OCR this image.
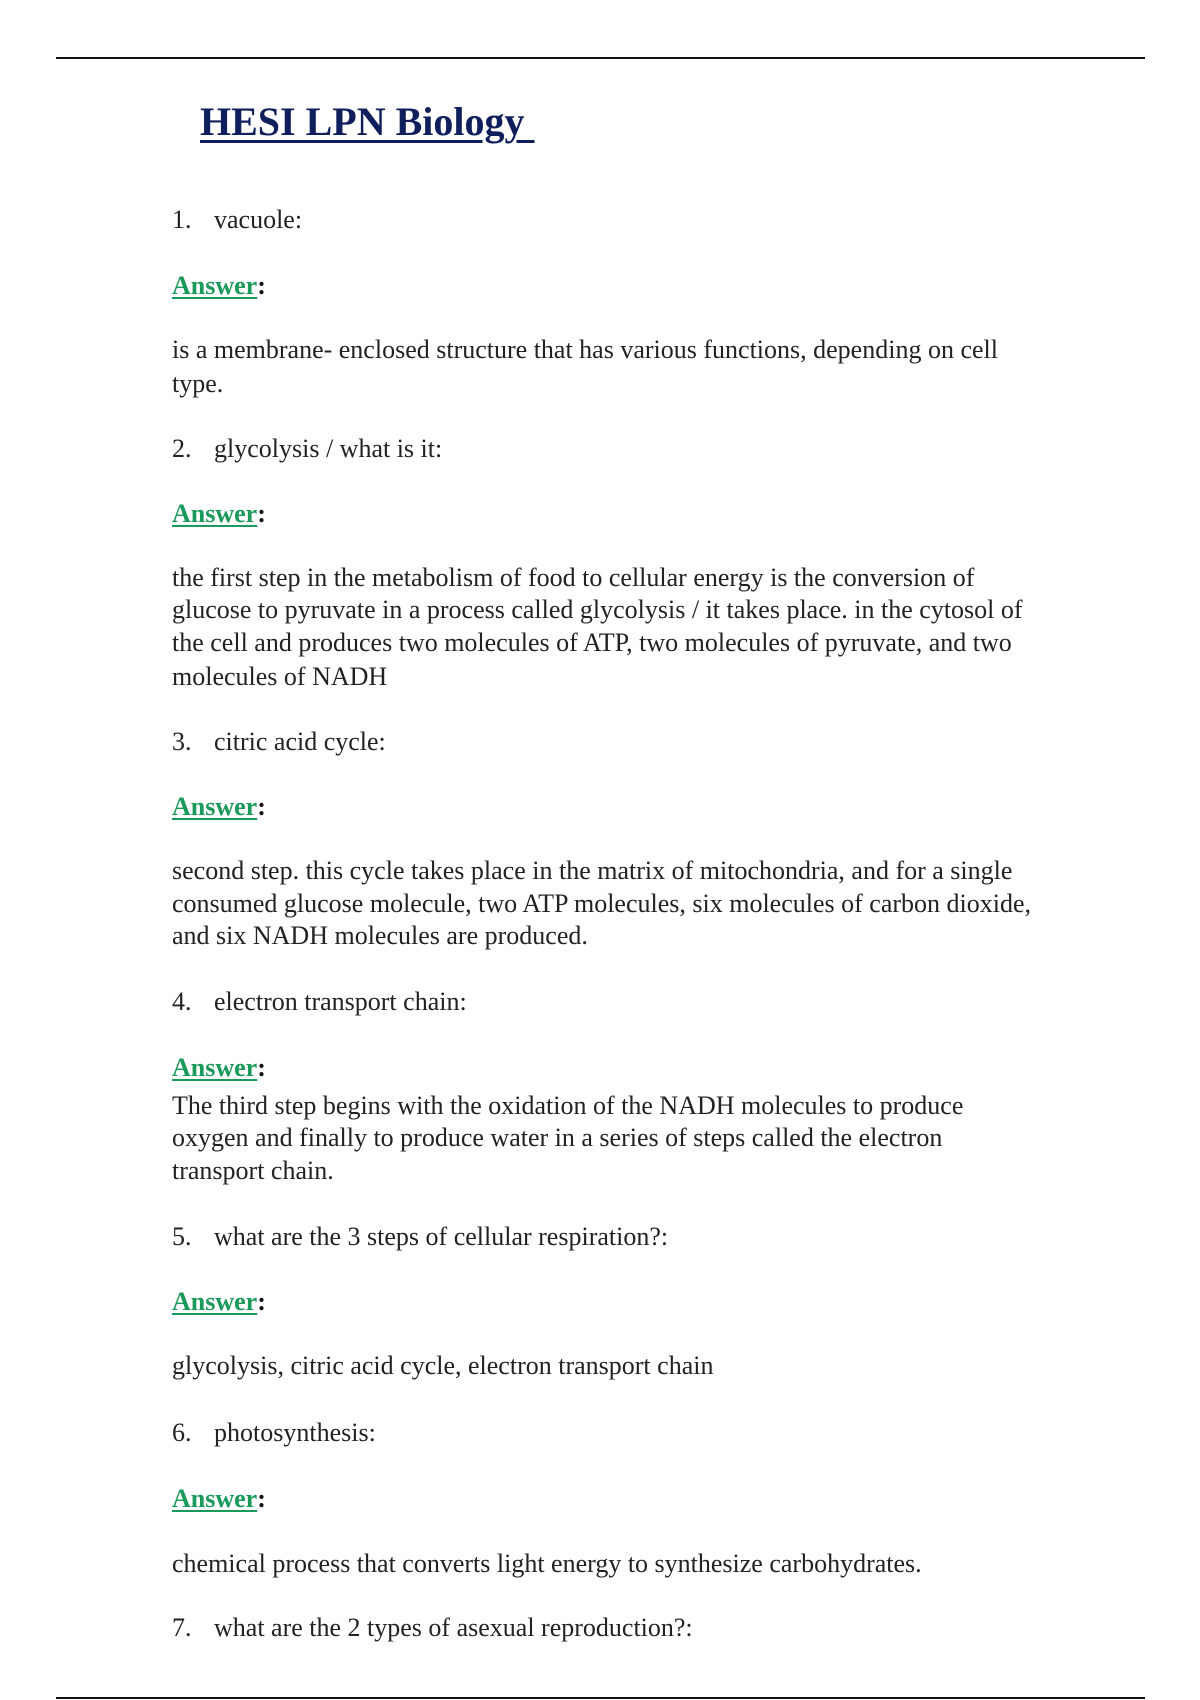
HESI LPN Biology
1. vacuole:
Answer:
is a membrane- enclosed structure that has various functions, depending on cell
type.
2. glycolysis / what is it:
Answer:
the first step in the metabolism of food to cellular energy is the conversion of
glucose to pyruvate in a process called glycolysis / it takes place. in the cytosol of
the cell and produces two molecules of ATP, two molecules of pyruvate, and two
molecules of NADH
3. citric acid cycle:
Answer:
second step. this cycle takes place in the matrix of mitochondria, and for a single
consumed glucose molecule, two ATP molecules, six molecules of carbon dioxide,
and six NADH molecules are produced.
4. electron transport chain:
Answer:
The third step begins with the oxidation of the NADH molecules to produce
oxygen and finally to produce water in a series of steps called the electron
transport chain.
5. what are the 3 steps of cellular respiration?:
Answer:
glycolysis, citric acid cycle, electron transport chain
6. photosynthesis:
Answer:
chemical process that converts light energy to synthesize carbohydrates.
7. what are the 2 types of asexual reproduction?:
